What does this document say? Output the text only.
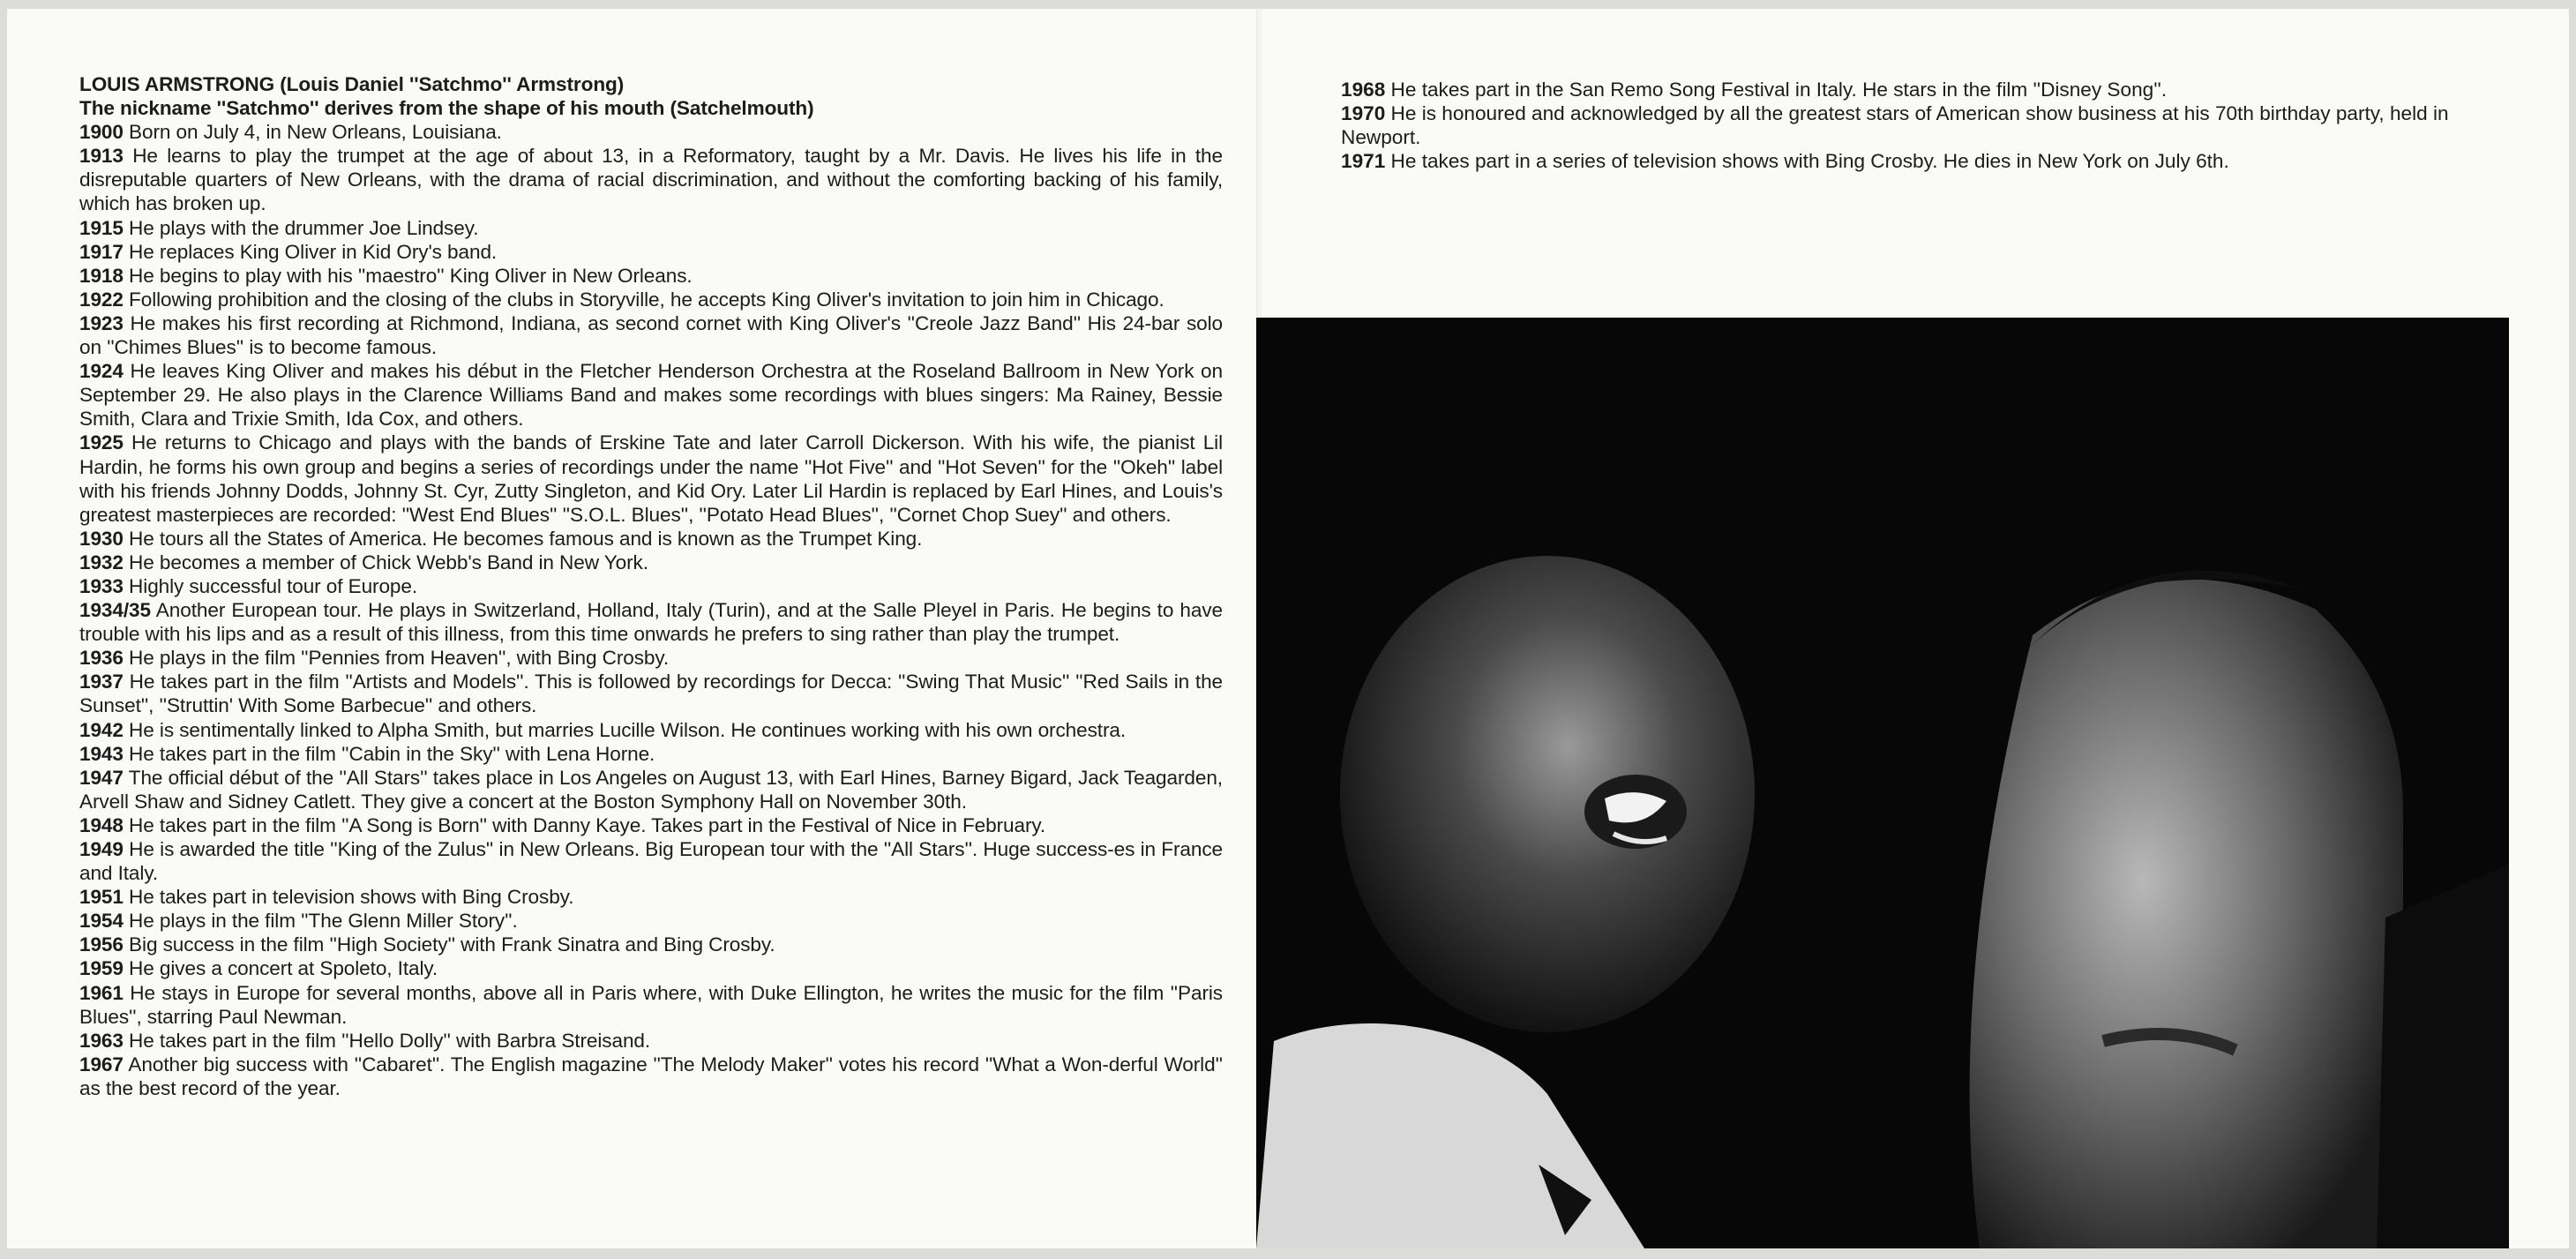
LOUIS ARMSTRONG (Louis Daniel ''Satchmo'' Armstrong)
The nickname ''Satchmo'' derives from the shape of his mouth (Satchelmouth)
1900 Born on July 4, in New Orleans, Louisiana.
1913 He learns to play the trumpet at the age of about 13, in a Reformatory, taught by a Mr. Davis. He lives his life in the disreputable quarters of New Orleans, with the drama of racial discrimination, and without the comforting backing of his family, which has broken up.
1915 He plays with the drummer Joe Lindsey.
1917 He replaces King Oliver in Kid Ory's band.
1918 He begins to play with his ''maestro'' King Oliver in New Orleans.
1922 Following prohibition and the closing of the clubs in Storyville, he accepts King Oliver's invitation to join him in Chicago.
1923 He makes his first recording at Richmond, Indiana, as second cornet with King Oliver's ''Creole Jazz Band'' His 24-bar solo on ''Chimes Blues'' is to become famous.
1924 He leaves King Oliver and makes his début in the Fletcher Henderson Orchestra at the Roseland Ballroom in New York on September 29. He also plays in the Clarence Williams Band and makes some recordings with blues singers: Ma Rainey, Bessie Smith, Clara and Trixie Smith, Ida Cox, and others.
1925 He returns to Chicago and plays with the bands of Erskine Tate and later Carroll Dickerson. With his wife, the pianist Lil Hardin, he forms his own group and begins a series of recordings under the name ''Hot Five'' and ''Hot Seven'' for the ''Okeh'' label with his friends Johnny Dodds, Johnny St. Cyr, Zutty Singleton, and Kid Ory. Later Lil Hardin is replaced by Earl Hines, and Louis's greatest masterpieces are recorded: ''West End Blues'' ''S.O.L. Blues'', ''Potato Head Blues'', ''Cornet Chop Suey'' and others.
1930 He tours all the States of America. He becomes famous and is known as the Trumpet King.
1932 He becomes a member of Chick Webb's Band in New York.
1933 Highly successful tour of Europe.
1934/35 Another European tour. He plays in Switzerland, Holland, Italy (Turin), and at the Salle Pleyel in Paris. He begins to have trouble with his lips and as a result of this illness, from this time onwards he prefers to sing rather than play the trumpet.
1936 He plays in the film ''Pennies from Heaven'', with Bing Crosby.
1937 He takes part in the film ''Artists and Models''. This is followed by recordings for Decca: ''Swing That Music'' ''Red Sails in the Sunset'', ''Struttin' With Some Barbecue'' and others.
1942 He is sentimentally linked to Alpha Smith, but marries Lucille Wilson. He continues working with his own orchestra.
1943 He takes part in the film ''Cabin in the Sky'' with Lena Horne.
1947 The official début of the ''All Stars'' takes place in Los Angeles on August 13, with Earl Hines, Barney Bigard, Jack Teagarden, Arvell Shaw and Sidney Catlett. They give a concert at the Boston Symphony Hall on November 30th.
1948 He takes part in the film ''A Song is Born'' with Danny Kaye. Takes part in the Festival of Nice in February.
1949 He is awarded the title ''King of the Zulus'' in New Orleans. Big European tour with the ''All Stars''. Huge success-es in France and Italy.
1951 He takes part in television shows with Bing Crosby.
1954 He plays in the film ''The Glenn Miller Story''.
1956 Big success in the film ''High Society'' with Frank Sinatra and Bing Crosby.
1959 He gives a concert at Spoleto, Italy.
1961 He stays in Europe for several months, above all in Paris where, with Duke Ellington, he writes the music for the film ''Paris Blues'', starring Paul Newman.
1963 He takes part in the film ''Hello Dolly'' with Barbra Streisand.
1967 Another big success with ''Cabaret''. The English magazine ''The Melody Maker'' votes his record ''What a Won-derful World'' as the best record of the year.
1968 He takes part in the San Remo Song Festival in Italy. He stars in the film ''Disney Song''.
1970 He is honoured and acknowledged by all the greatest stars of American show business at his 70th birthday party, held in Newport.
1971 He takes part in a series of television shows with Bing Crosby. He dies in New York on July 6th.
